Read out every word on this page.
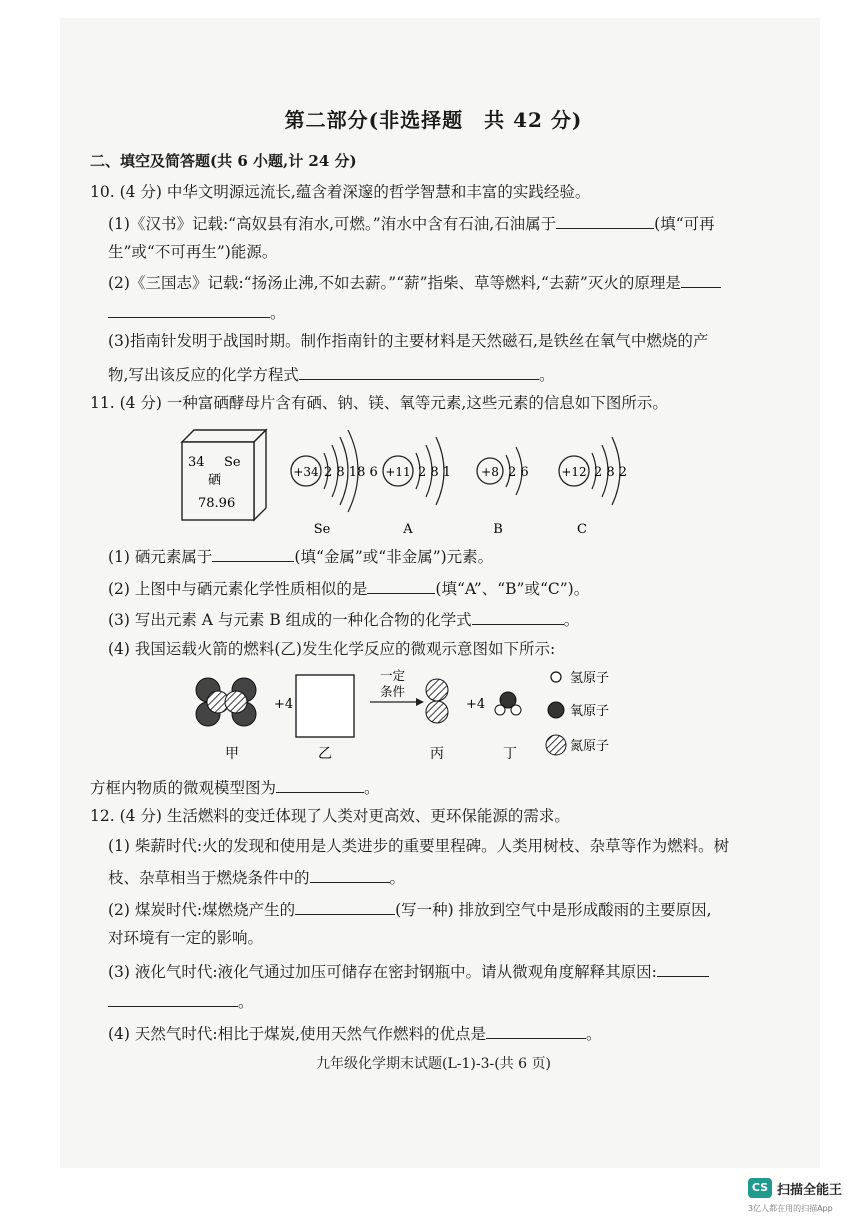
第二部分(非选择题　共 42 分)
二、填空及简答题(共 6 小题,计 24 分)
10. (4 分) 中华文明源远流长,蕴含着深邃的哲学智慧和丰富的实践经验。
(1)《汉书》记载:“高奴县有洧水,可燃。”洧水中含有石油,石油属于	(填“可再
生”或“不可再生”)能源。
(2)《三国志》记载:“扬汤止沸,不如去薪。”“薪”指柴、草等燃料,“去薪”灭火的原理是
。
(3)指南针发明于战国时期。制作指南针的主要材料是天然磁石,是铁丝在氧气中燃烧的产
物,写出该反应的化学方程式	。
11. (4 分) 一种富硒酵母片含有硒、钠、镁、氧等元素,这些元素的信息如下图所示。
34 Se
硒
78.96
+34 2 8 18 6
Se
+11 2 8 1
A
+8 2 6
B
+12 2 8 2
C
(1) 硒元素属于	(填“金属”或“非金属”)元素。
(2) 上图中与硒元素化学性质相似的是	(填“A”、“B”或“C”)。
(3) 写出元素 A 与元素 B 组成的一种化合物的化学式	。
(4) 我国运载火箭的燃料(乙)发生化学反应的微观示意图如下所示:
+4
一定
条件
+4
甲	乙	丙	丁
氢原子
氧原子
氮原子
方框内物质的微观模型图为	。
12. (4 分) 生活燃料的变迁体现了人类对更高效、更环保能源的需求。
(1) 柴薪时代:火的发现和使用是人类进步的重要里程碑。人类用树枝、杂草等作为燃料。树
枝、杂草相当于燃烧条件中的	。
(2) 煤炭时代:煤燃烧产生的	(写一种) 排放到空气中是形成酸雨的主要原因,
对环境有一定的影响。
(3) 液化气时代:液化气通过加压可储存在密封钢瓶中。请从微观角度解释其原因:
。
(4) 天然气时代:相比于煤炭,使用天然气作燃料的优点是	。
九年级化学期末试题(L-1)-3-(共 6 页)
CS 扫描全能王
3亿人都在用的扫描App
